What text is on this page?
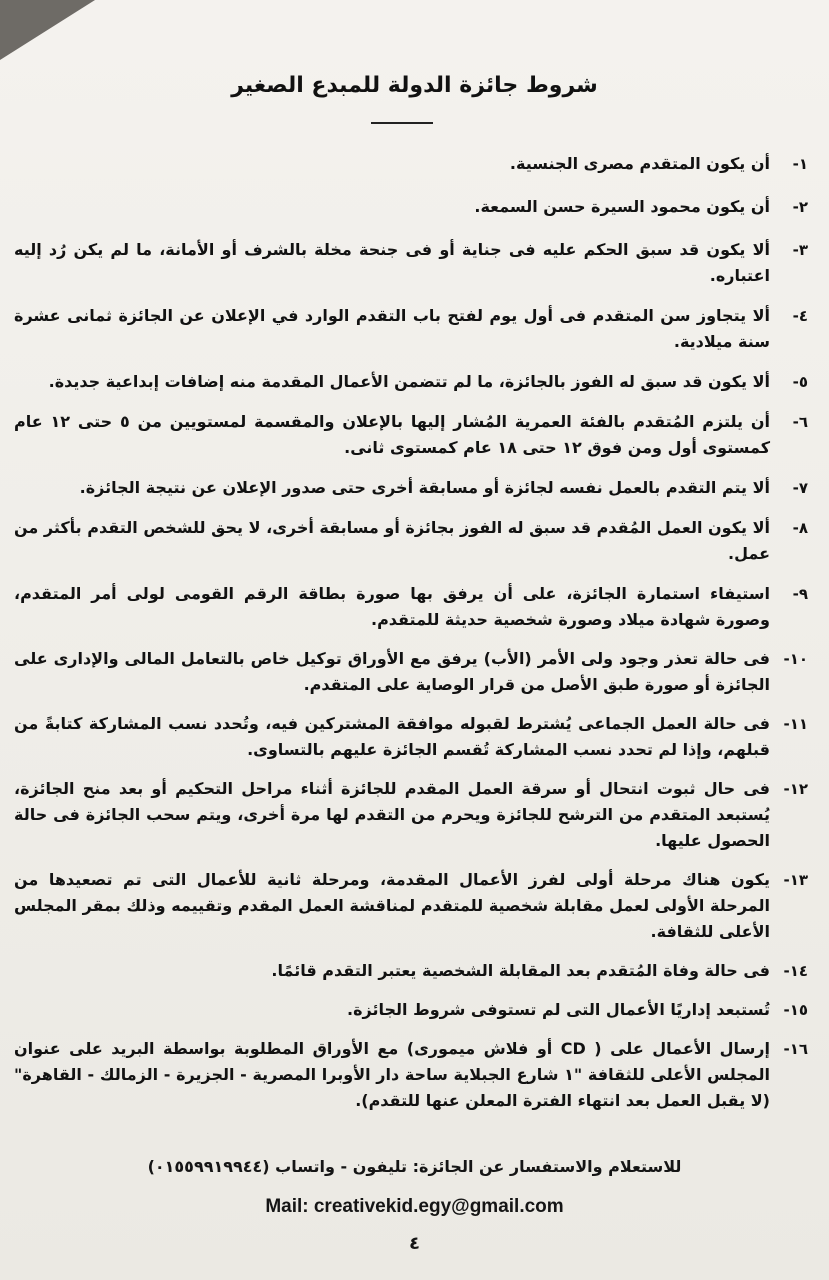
شروط جائزة الدولة للمبدع الصغير
١-
أن يكون المتقدم مصرى الجنسية.
٢-
أن يكون محمود السيرة حسن السمعة.
٣-
ألا يكون قد سبق الحكم عليه فى جناية أو فى جنحة مخلة بالشرف أو الأمانة، ما لم يكن رُد إليه اعتباره.
٤-
ألا يتجاوز سن المتقدم فى أول يوم لفتح باب التقدم الوارد في الإعلان عن الجائزة ثمانى عشرة سنة ميلادية.
٥-
ألا يكون قد سبق له الفوز بالجائزة، ما لم تتضمن الأعمال المقدمة منه إضافات إبداعية جديدة.
٦-
أن يلتزم المُتقدم بالفئة العمرية المُشار إليها بالإعلان والمقسمة لمستويين من ٥ حتى ١٢ عام كمستوى أول ومن فوق ١٢ حتى ١٨ عام كمستوى ثانى.
٧-
ألا يتم التقدم بالعمل نفسه لجائزة أو مسابقة أخرى حتى صدور الإعلان عن نتيجة الجائزة.
٨-
ألا يكون العمل المُقدم قد سبق له الفوز بجائزة أو مسابقة أخرى، لا يحق للشخص التقدم بأكثر من عمل.
٩-
استيفاء استمارة الجائزة، على أن يرفق بها صورة بطاقة الرقم القومى لولى أمر المتقدم، وصورة شهادة ميلاد وصورة شخصية حديثة للمتقدم.
١٠-
فى حالة تعذر وجود ولى الأمر (الأب) يرفق مع الأوراق توكيل خاص بالتعامل المالى والإدارى على الجائزة أو صورة طبق الأصل من قرار الوصاية على المتقدم.
١١-
فى حالة العمل الجماعى يُشترط لقبوله موافقة المشتركين فيه، وتُحدد نسب المشاركة كتابةً من قبلهم، وإذا لم تحدد نسب المشاركة تُقسم الجائزة عليهم بالتساوى.
١٢-
فى حال ثبوت انتحال أو سرقة العمل المقدم للجائزة أثناء مراحل التحكيم أو بعد منح الجائزة، يُستبعد المتقدم من الترشح للجائزة ويحرم من التقدم لها مرة أخرى، ويتم سحب الجائزة فى حالة الحصول عليها.
١٣-
يكون هناك مرحلة أولى لفرز الأعمال المقدمة، ومرحلة ثانية للأعمال التى تم تصعيدها من المرحلة الأولى لعمل مقابلة شخصية للمتقدم لمناقشة العمل المقدم وتقييمه وذلك بمقر المجلس الأعلى للثقافة.
١٤-
فى حالة وفاة المُتقدم بعد المقابلة الشخصية يعتبر التقدم قائمًا.
١٥-
تُستبعد إداريًا الأعمال التى لم تستوفى شروط الجائزة.
١٦-
إرسال الأعمال على ( CD أو فلاش ميمورى) مع الأوراق المطلوبة بواسطة البريد على عنوان المجلس الأعلى للثقافة "١ شارع الجبلاية ساحة دار الأوبرا المصرية - الجزيرة - الزمالك - القاهرة" (لا يقبل العمل بعد انتهاء الفترة المعلن عنها للتقدم).
للاستعلام والاستفسار عن الجائزة: تليفون - واتساب (٠١٥٥٩٩١٩٩٤٤)
Mail: creativekid.egy@gmail.com
٤
